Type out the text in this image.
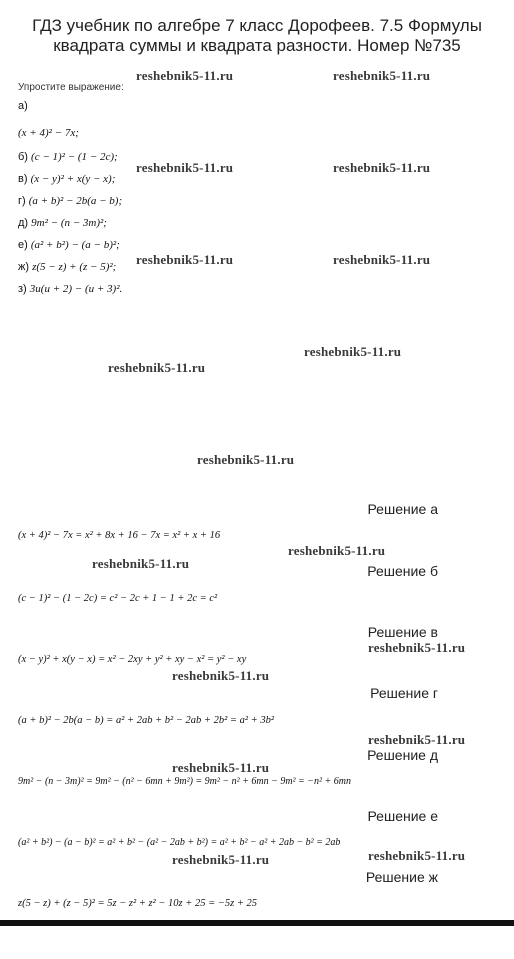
ГДЗ учебник по алгебре 7 класс Дорофеев. 7.5 Формулы квадрата суммы и квадрата разности. Номер №735
Упростите выражение:
а)
(x + 4)² − 7x;
б) (c − 1)² − (1 − 2c);
в) (x − y)² + x(y − x);
г) (a + b)² − 2b(a − b);
д) 9m² − (n − 3m)²;
е) (a² + b²) − (a − b)²;
ж) z(5 − z) + (z − 5)²;
з) 3u(u + 2) − (u + 3)².
Решение а
(x + 4)² − 7x = x² + 8x + 16 − 7x = x² + x + 16
Решение б
(c − 1)² − (1 − 2c) = c² − 2c + 1 − 1 + 2c = c²
Решение в
(x − y)² + x(y − x) = x² − 2xy + y² + xy − x² = y² − xy
Решение г
(a + b)² − 2b(a − b) = a² + 2ab + b² − 2ab + 2b² = a² + 3b²
Решение д
9m² − (n − 3m)² = 9m² − (n² − 6mn + 9m²) = 9m² − n² + 6mn − 9m² = −n² + 6mn
Решение е
(a² + b²) − (a − b)² = a² + b² − (a² − 2ab + b²) = a² + b² − a² + 2ab − b² = 2ab
Решение ж
z(5 − z) + (z − 5)² = 5z − z² + z² − 10z + 25 = −5z + 25
reshebnik5-11.ru	reshebnik5-11.ru
reshebnik5-11.ru	reshebnik5-11.ru
reshebnik5-11.ru	reshebnik5-11.ru
reshebnik5-11.ru
reshebnik5-11.ru
reshebnik5-11.ru
reshebnik5-11.ru
reshebnik5-11.ru
reshebnik5-11.ru
reshebnik5-11.ru
reshebnik5-11.ru
reshebnik5-11.ru
reshebnik5-11.ru
reshebnik5-11.ru
